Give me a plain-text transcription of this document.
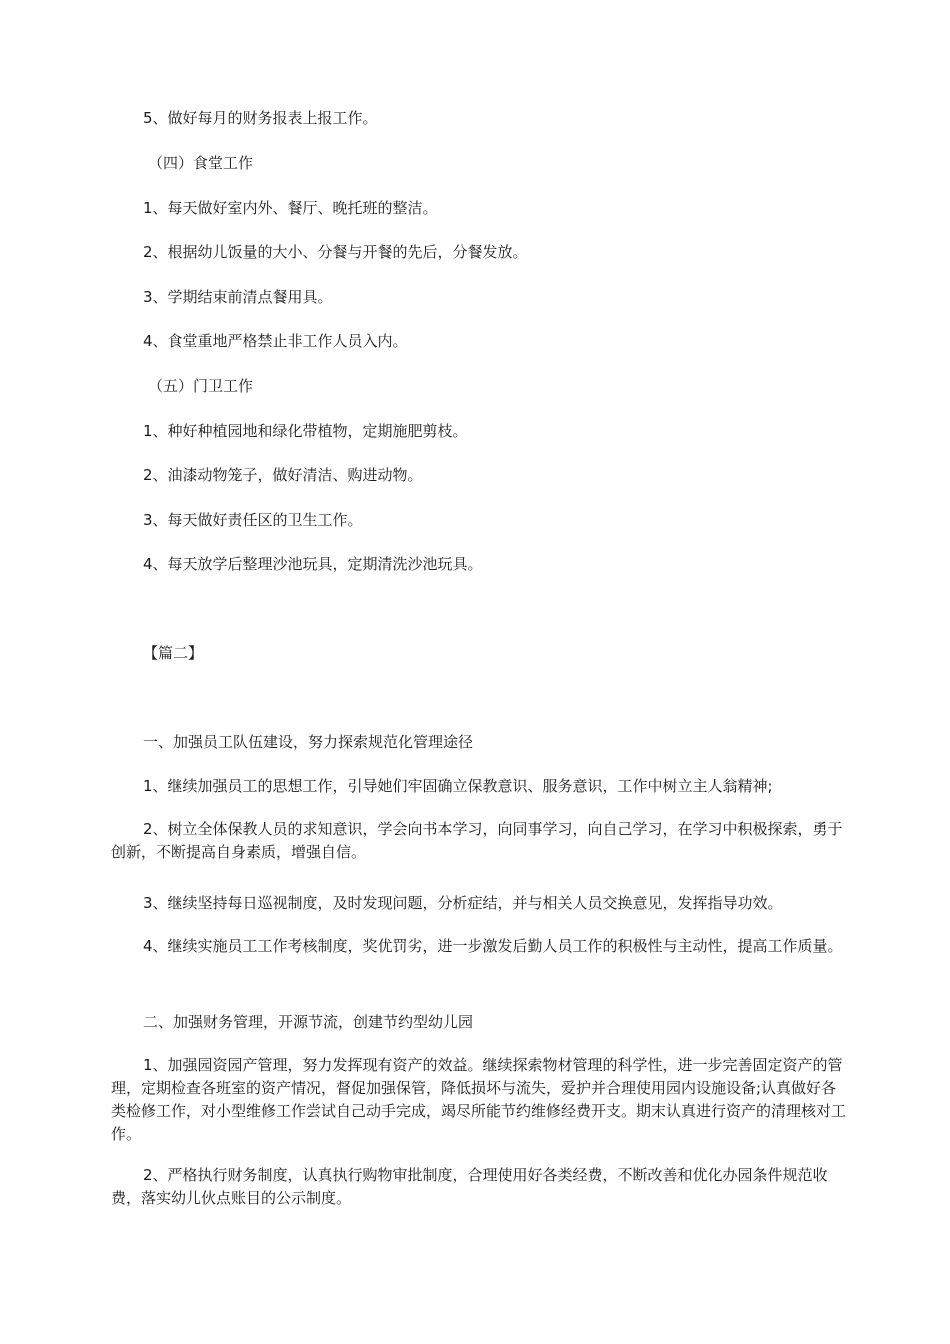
5、做好每月的财务报表上报工作。
（四）食堂工作
1、每天做好室内外、餐厅、晚托班的整洁。
2、根据幼儿饭量的大小、分餐与开餐的先后，分餐发放。
3、学期结束前清点餐用具。
4、食堂重地严格禁止非工作人员入内。
（五）门卫工作
1、种好种植园地和绿化带植物，定期施肥剪枝。
2、油漆动物笼子，做好清洁、购进动物。
3、每天做好责任区的卫生工作。
4、每天放学后整理沙池玩具，定期清洗沙池玩具。
【篇二】
一、加强员工队伍建设，努力探索规范化管理途径
1、继续加强员工的思想工作，引导她们牢固确立保教意识、服务意识，工作中树立主人翁精神;
2、树立全体保教人员的求知意识，学会向书本学习，向同事学习，向自己学习，在学习中积极探索，勇于创新，不断提高自身素质，增强自信。
3、继续坚持每日巡视制度，及时发现问题，分析症结，并与相关人员交换意见，发挥指导功效。
4、继续实施员工工作考核制度，奖优罚劣，进一步激发后勤人员工作的积极性与主动性，提高工作质量。
二、加强财务管理，开源节流，创建节约型幼儿园
1、加强园资园产管理，努力发挥现有资产的效益。继续探索物材管理的科学性，进一步完善固定资产的管理，定期检查各班室的资产情况，督促加强保管，降低损坏与流失，爱护并合理使用园内设施设备;认真做好各类检修工作，对小型维修工作尝试自己动手完成，竭尽所能节约维修经费开支。期末认真进行资产的清理核对工作。
2、严格执行财务制度，认真执行购物审批制度，合理使用好各类经费，不断改善和优化办园条件规范收费，落实幼儿伙点账目的公示制度。
